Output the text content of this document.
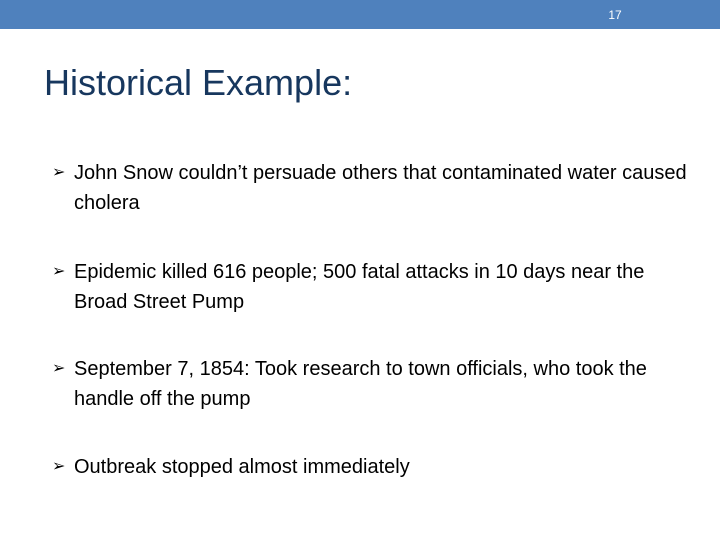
17
Historical Example:
➢ John Snow couldn’t persuade others that contaminated water caused cholera
➢ Epidemic killed 616 people; 500 fatal attacks in 10 days near the Broad Street Pump
➢ September 7, 1854: Took research to town officials, who took the handle off the pump
➢ Outbreak stopped almost immediately
